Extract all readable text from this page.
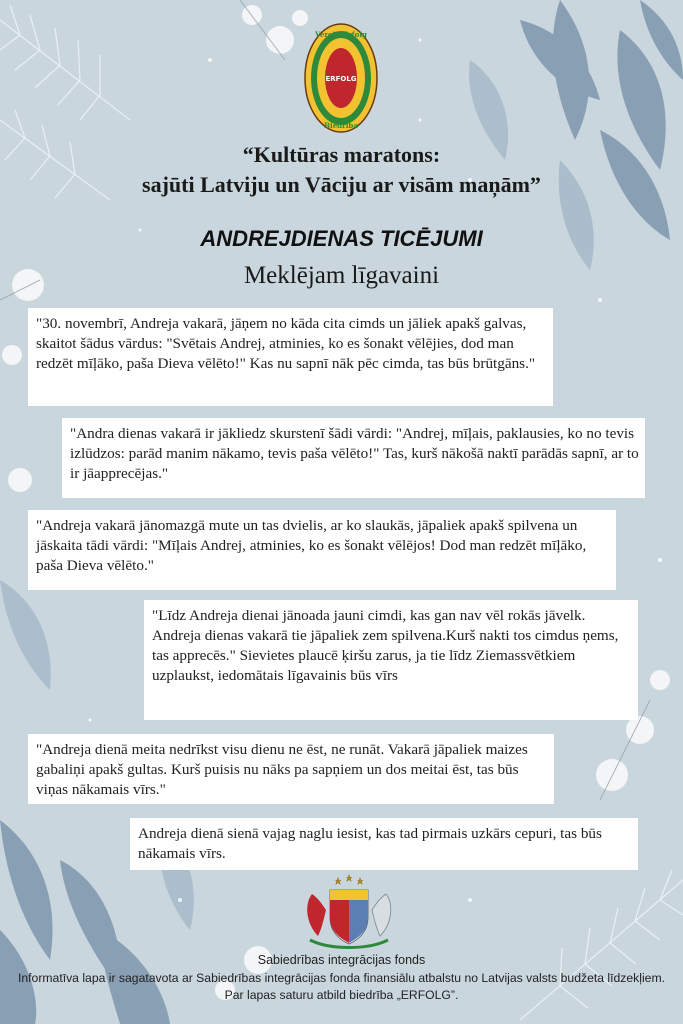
Verein Erfolg
Biedrība
ERFOLG
“Kultūras maratons:
sajūti Latviju un Vāciju ar visām maņām”
ANDREJDIENAS TICĒJUMI
Meklējam līgavaini
"30. novembrī, Andreja vakarā, jāņem no kāda cita cimds un jāliek apakš galvas, skaitot šādus vārdus: "Svētais Andrej, atminies, ko es šonakt vēlējies, dod man redzēt mīļāko, paša Dieva vēlēto!" Kas nu sapnī nāk pēc cimda, tas būs brūtgāns."
"Andra dienas vakarā ir jākliedz skurstenī šādi vārdi: "Andrej, mīļais, paklausies, ko no tevis izlūdzos: parād manim nākamo, tevis paša vēlēto!" Tas, kurš nākošā naktī parādās sapnī, ar to ir jāapprecējas."
"Andreja vakarā jānomazgā mute un tas dvielis, ar ko slaukās, jāpaliek apakš spilvena un jāskaita tādi vārdi: "Mīļais Andrej, atminies, ko es šonakt vēlējos! Dod man redzēt mīļāko, paša Dieva vēlēto."
"Līdz Andreja dienai jānoada jauni cimdi, kas gan nav vēl rokās jāvelk. Andreja dienas vakarā tie jāpaliek zem spilvena.Kurš nakti tos cimdus ņems, tas apprecēs." Sievietes plaucē ķiršu zarus, ja tie līdz Ziemassvētkiem uzplaukst, iedomātais līgavainis būs vīrs
"Andreja dienā meita nedrīkst visu dienu ne ēst, ne runāt. Vakarā jāpaliek maizes gabaliņi apakš gultas. Kurš puisis nu nāks pa sapņiem un dos meitai ēst, tas būs viņas nākamais vīrs."
Andreja dienā sienā vajag naglu iesist, kas tad pirmais uzkārs cepuri, tas būs nākamais vīrs.
Sabiedrības integrācijas fonds
Informatīva lapa ir sagatavota ar Sabiedrības integrācijas fonda finansiālu atbalstu no Latvijas valsts budžeta līdzekļiem. Par lapas saturu atbild biedrība „ERFOLG”.
